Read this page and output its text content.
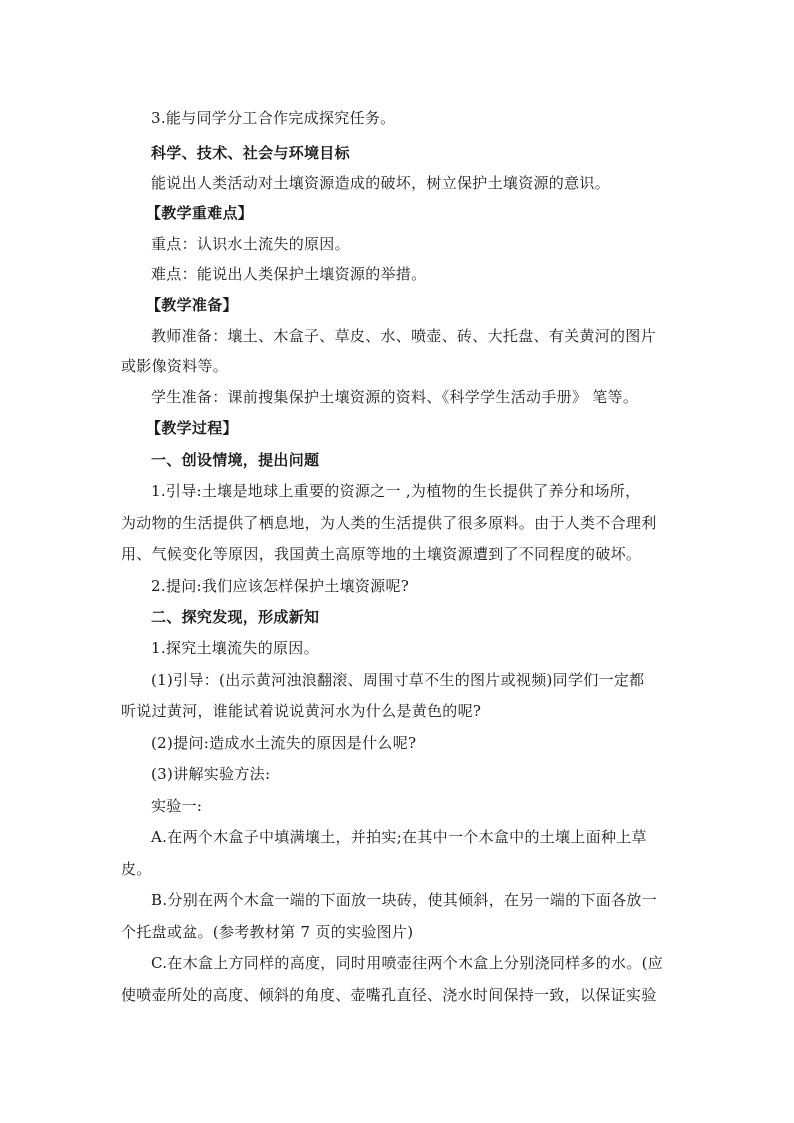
3.能与同学分工合作完成探究任务。
科学、技术、社会与环境目标
能说出人类活动对土壤资源造成的破坏，树立保护土壤资源的意识。
【教学重难点】
重点：认识水土流失的原因。
难点：能说出人类保护土壤资源的举措。
【教学准备】
教师准备：壤土、木盒子、草皮、水、喷壶、砖、大托盘、有关黄河的图片
或影像资料等。
学生准备：课前搜集保护土壤资源的资料、《科学学生活动手册》 笔等。
【教学过程】
一、创设情境，提出问题
1.引导:土壤是地球上重要的资源之一 ,为植物的生长提供了养分和场所，
为动物的生活提供了栖息地，为人类的生活提供了很多原料。由于人类不合理利
用、气候变化等原因，我国黄土高原等地的土壤资源遭到了不同程度的破坏。
2.提问:我们应该怎样保护土壤资源呢?
二、探究发现，形成新知
1.探究土壤流失的原因。
(1)引导：(出示黄河浊浪翻滚、周围寸草不生的图片或视频)同学们一定都
听说过黄河，谁能试着说说黄河水为什么是黄色的呢?
(2)提问:造成水土流失的原因是什么呢?
(3)讲解实验方法:
实验一:
A.在两个木盒子中填满壤土，并拍实;在其中一个木盒中的土壤上面种上草
皮。
B.分别在两个木盒一端的下面放一块砖，使其倾斜，在另一端的下面各放一
个托盘或盆。(参考教材第 7 页的实验图片)
C.在木盒上方同样的高度，同时用喷壶往两个木盒上分别浇同样多的水。(应
使喷壶所处的高度、倾斜的角度、壶嘴孔直径、浇水时间保持一致，以保证实验
